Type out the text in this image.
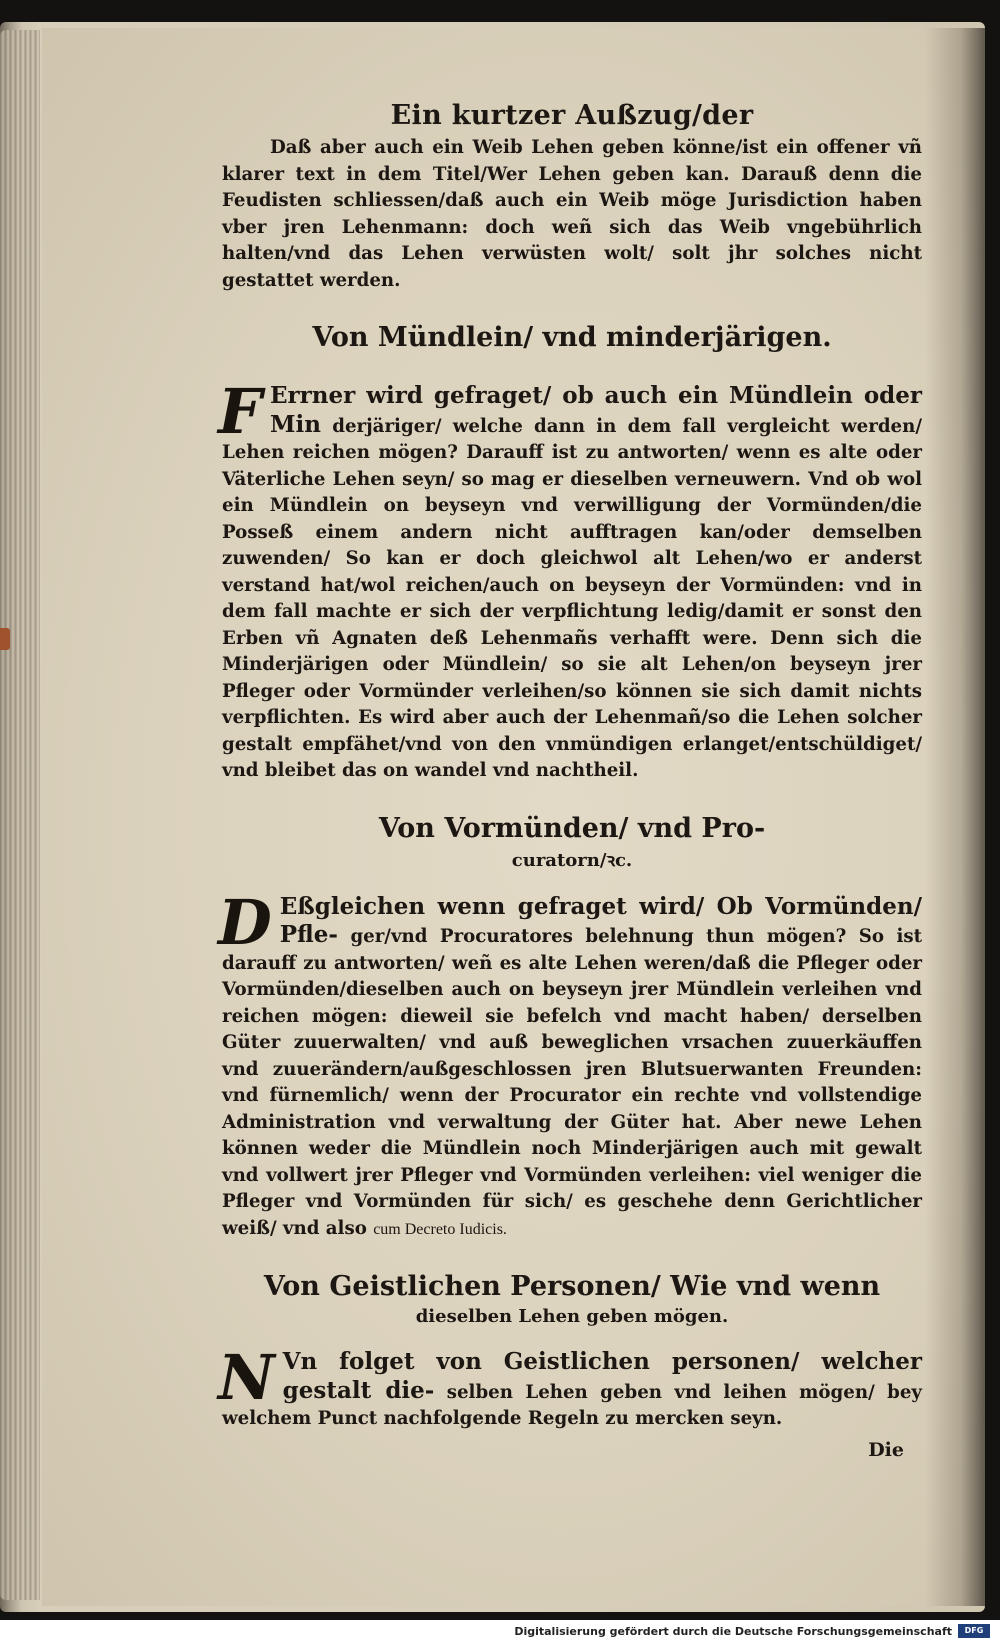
Ein kurtzer Außzug/der

Daß aber auch ein Weib Lehen geben könne/ist ein offener vñ klarer text in dem Titel/Wer Lehen geben kan. Darauß denn die Feudisten schliessen/daß auch ein Weib möge Jurisdiction haben vber jren Lehenmann: doch weñ sich das Weib vngebührlich halten/vnd das Lehen verwüsten wolt/ solt jhr solches nicht gestattet werden.

Von Mündlein/ vnd minderjärigen.

F Errner wird gefraget/ ob auch ein Mündlein oder Min derjäriger/ welche dann in dem fall vergleicht werden/ Lehen reichen mögen? Darauff ist zu antworten/ wenn es alte oder Väterliche Lehen seyn/ so mag er dieselben verneuwern. Vnd ob wol ein Mündlein on beyseyn vnd verwilligung der Vormünden/die Posseß einem andern nicht aufftragen kan/oder demselben zuwenden/ So kan er doch gleichwol alt Lehen/wo er anderst verstand hat/wol reichen/auch on beyseyn der Vormünden: vnd in dem fall machte er sich der verpflichtung ledig/damit er sonst den Erben vñ Agnaten deß Lehenmañs verhafft were. Denn sich die Minderjärigen oder Mündlein/ so sie alt Lehen/on beyseyn jrer Pfleger oder Vormünder verleihen/so können sie sich damit nichts verpflichten. Es wird aber auch der Lehenmañ/so die Lehen solcher gestalt empfähet/vnd von den vnmündigen erlanget/entschüldiget/ vnd bleibet das on wandel vnd nachtheil.

Von Vormünden/ vnd Pro-
curatorn/ꝛc.

D Eßgleichen wenn gefraget wird/ Ob Vormünden/ Pfle- ger/vnd Procuratores belehnung thun mögen? So ist darauff zu antworten/ weñ es alte Lehen weren/daß die Pfleger oder Vormünden/dieselben auch on beyseyn jrer Mündlein verleihen vnd reichen mögen: dieweil sie befelch vnd macht haben/ derselben Güter zuuerwalten/ vnd auß beweglichen vrsachen zuuerkäuffen vnd zuuerändern/außgeschlossen jren Blutsuerwanten Freunden: vnd fürnemlich/ wenn der Procurator ein rechte vnd vollstendige Administration vnd verwaltung der Güter hat. Aber newe Lehen können weder die Mündlein noch Minderjärigen auch mit gewalt vnd vollwert jrer Pfleger vnd Vormünden verleihen: viel weniger die Pfleger vnd Vormünden für sich/ es geschehe denn Gerichtlicher weiß/ vnd also cum Decreto Iudicis.

Von Geistlichen Personen/ Wie vnd wenn
dieselben Lehen geben mögen.

N Vn folget von Geistlichen personen/ welcher gestalt die- selben Lehen geben vnd leihen mögen/ bey welchem Punct nachfolgende Regeln zu mercken seyn.

Die
Digitalisierung gefördert durch die Deutsche Forschungsgemeinschaft	DFG
